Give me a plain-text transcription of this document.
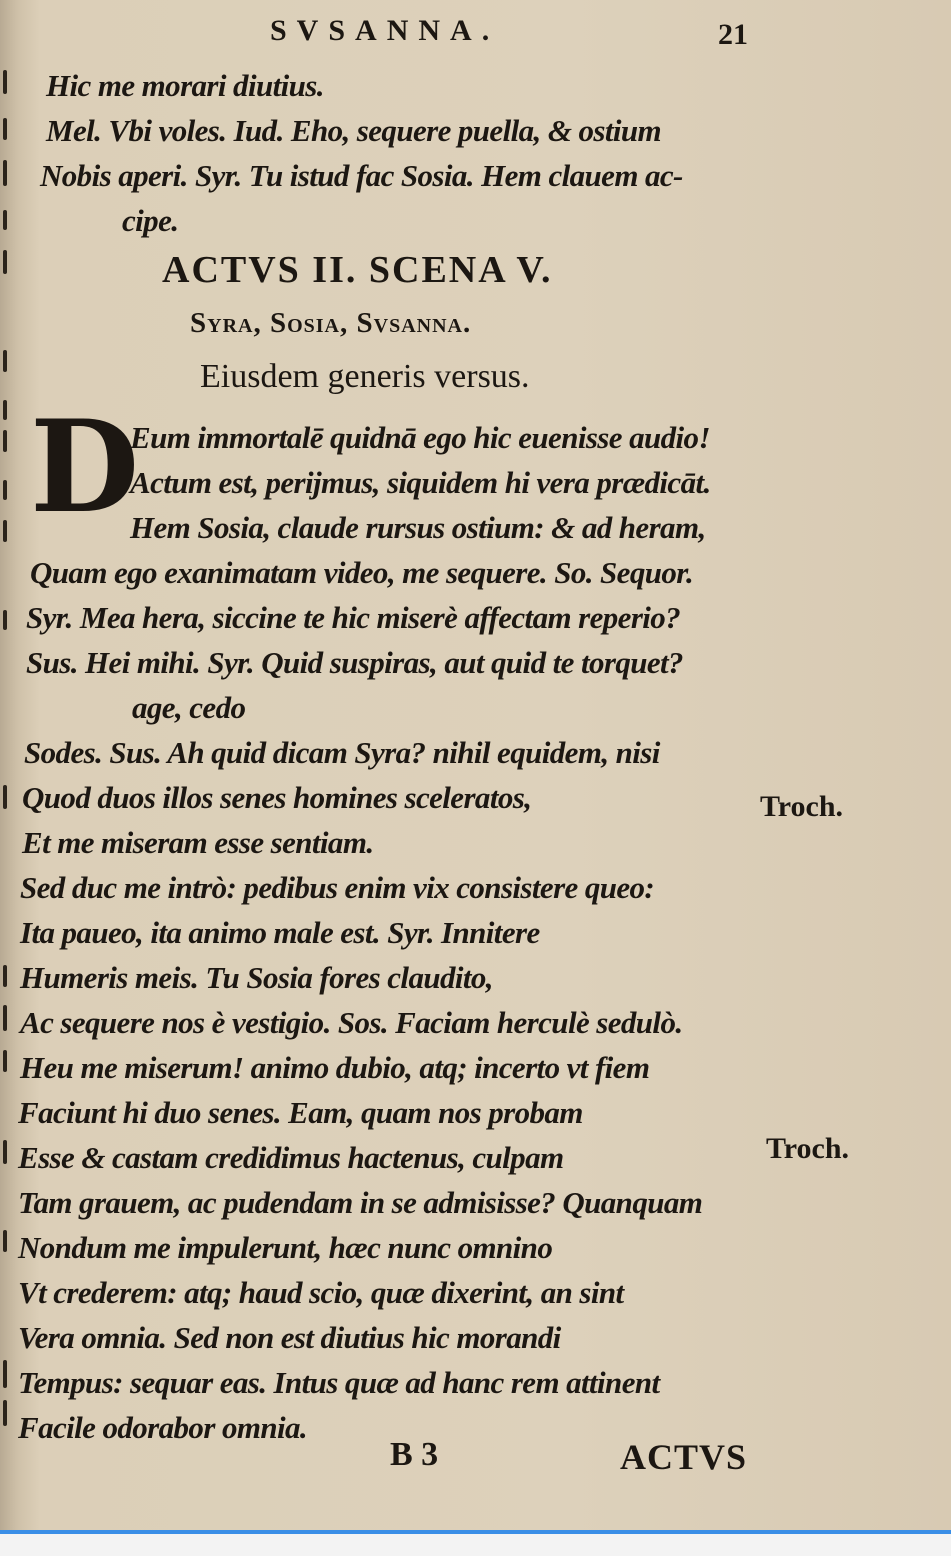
SVSANNA.	21
Hic me morari diutius.
Mel. Vbi voles. Iud. Eho, sequere puella, & ostium
Nobis aperi. Syr. Tu istud fac Sosia. Hem clauem ac-
cipe.
ACTVS II. SCENA V.
Syra, Sosia, Svsanna.
Eiusdem generis versus.
D
Eum immortalē quidnā ego hic euenisse audio!
Actum est, perijmus, siquidem hi vera prædicāt.
Hem Sosia, claude rursus ostium: & ad heram,
Quam ego exanimatam video, me sequere. So. Sequor.
Syr. Mea hera, siccine te hic miserè affectam reperio?
Sus. Hei mihi. Syr. Quid suspiras, aut quid te torquet?
age, cedo
Sodes. Sus. Ah quid dicam Syra? nihil equidem, nisi
Quod duos illos senes homines sceleratos,
Et me miseram esse sentiam.
Sed duc me intrò: pedibus enim vix consistere queo:
Ita paueo, ita animo male est. Syr. Innitere
Humeris meis. Tu Sosia fores claudito,
Ac sequere nos è vestigio. Sos. Faciam herculè sedulò.
Heu me miserum! animo dubio, atq; incerto vt fiem
Faciunt hi duo senes. Eam, quam nos probam
Esse & castam credidimus hactenus, culpam
Tam grauem, ac pudendam in se admisisse? Quanquam
Nondum me impulerunt, hæc nunc omnino
Vt crederem: atq; haud scio, quæ dixerint, an sint
Vera omnia. Sed non est diutius hic morandi
Tempus: sequar eas. Intus quæ ad hanc rem attinent
Facile odorabor omnia.
Troch.
Troch.
B 3	ACTVS
